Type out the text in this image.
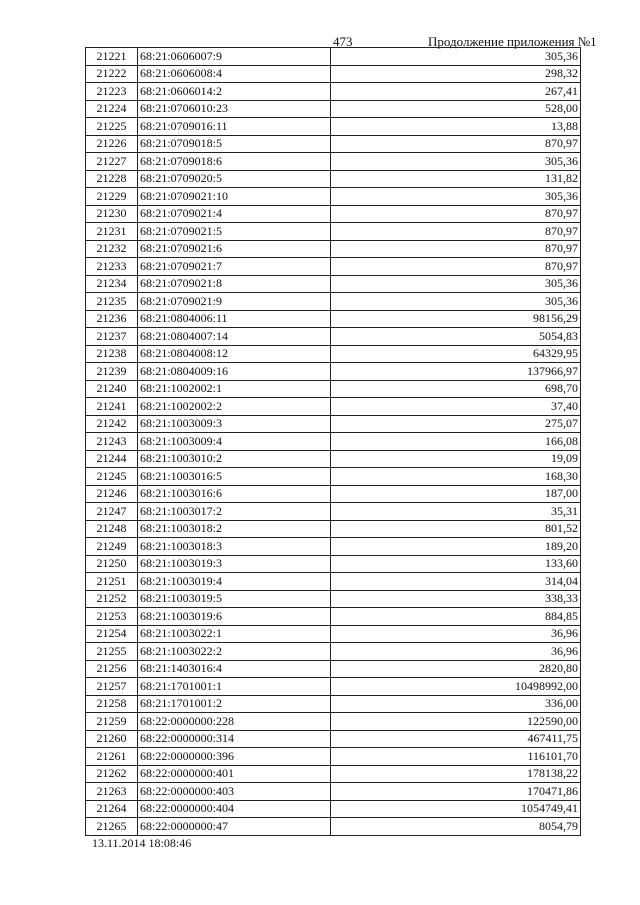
473	Продолжение приложения №1
21221	68:21:0606007:9	305,36
21222	68:21:0606008:4	298,32
21223	68:21:0606014:2	267,41
21224	68:21:0706010:23	528,00
21225	68:21:0709016:11	13,88
21226	68:21:0709018:5	870,97
21227	68:21:0709018:6	305,36
21228	68:21:0709020:5	131,82
21229	68:21:0709021:10	305,36
21230	68:21:0709021:4	870,97
21231	68:21:0709021:5	870,97
21232	68:21:0709021:6	870,97
21233	68:21:0709021:7	870,97
21234	68:21:0709021:8	305,36
21235	68:21:0709021:9	305,36
21236	68:21:0804006:11	98156,29
21237	68:21:0804007:14	5054,83
21238	68:21:0804008:12	64329,95
21239	68:21:0804009:16	137966,97
21240	68:21:1002002:1	698,70
21241	68:21:1002002:2	37,40
21242	68:21:1003009:3	275,07
21243	68:21:1003009:4	166,08
21244	68:21:1003010:2	19,09
21245	68:21:1003016:5	168,30
21246	68:21:1003016:6	187,00
21247	68:21:1003017:2	35,31
21248	68:21:1003018:2	801,52
21249	68:21:1003018:3	189,20
21250	68:21:1003019:3	133,60
21251	68:21:1003019:4	314,04
21252	68:21:1003019:5	338,33
21253	68:21:1003019:6	884,85
21254	68:21:1003022:1	36,96
21255	68:21:1003022:2	36,96
21256	68:21:1403016:4	2820,80
21257	68:21:1701001:1	10498992,00
21258	68:21:1701001:2	336,00
21259	68:22:0000000:228	122590,00
21260	68:22:0000000:314	467411,75
21261	68:22:0000000:396	116101,70
21262	68:22:0000000:401	178138,22
21263	68:22:0000000:403	170471,86
21264	68:22:0000000:404	1054749,41
21265	68:22:0000000:47	8054,79
13.11.2014 18:08:46
